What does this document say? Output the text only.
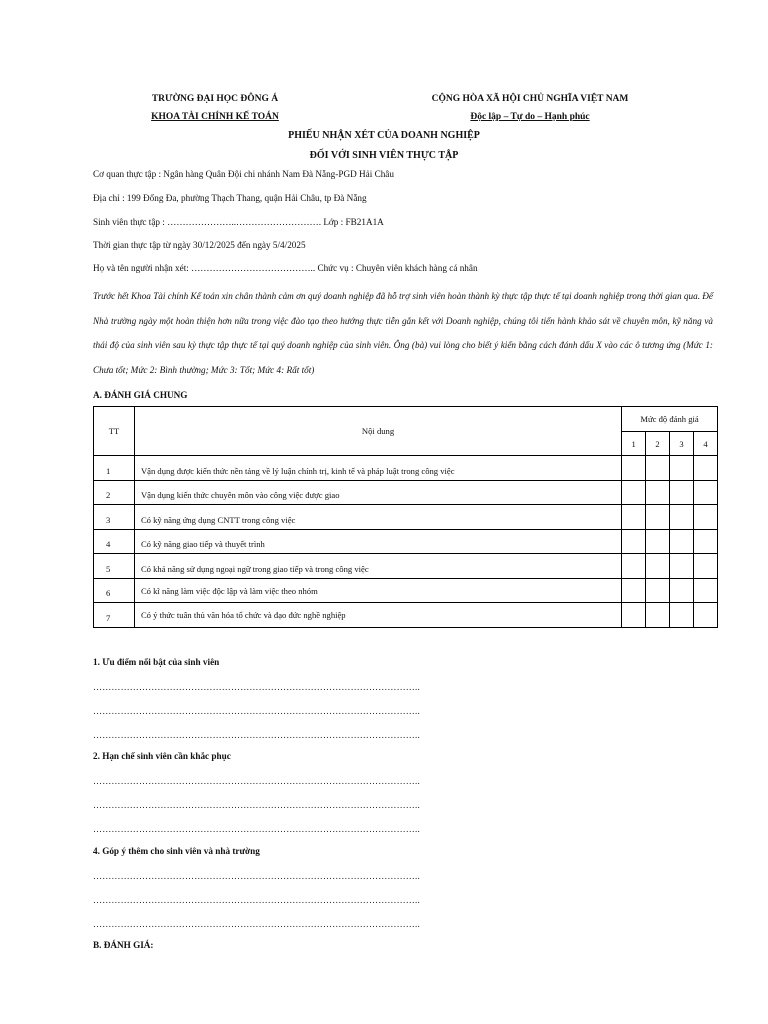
TRƯỜNG ĐẠI HỌC ĐÔNG Á
KHOA TÀI CHÍNH KẾ TOÁN
CỘNG HÒA XÃ HỘI CHỦ NGHĨA VIỆT NAM
Độc lập – Tự do – Hạnh phúc
PHIẾU NHẬN XÉT CỦA DOANH NGHIỆP
ĐỐI VỚI SINH VIÊN THỰC TẬP
Cơ quan thực tập : Ngân hàng Quân Đội chi nhánh Nam Đà Nẵng-PGD Hải Châu
Địa chỉ : 199 Đống Đa, phường Thạch Thang, quận Hải Châu, tp Đà Nẵng
Sinh viên thực tập : …………………..………………………. Lớp : FB21A1A
Thời gian thực tập từ ngày 30/12/2025 đến ngày 5/4/2025
Họ và tên người nhận xét: ………………………………….. Chức vụ : Chuyên viên khách hàng cá nhân
Trước hết Khoa Tài chính Kế toán xin chân thành cảm ơn quý doanh nghiệp đã hỗ trợ sinh viên hoàn thành kỳ thực tập thực tế tại doanh nghiệp trong thời gian qua. Để Nhà trường ngày một hoàn thiện hơn nữa trong việc đào tạo theo hướng thực tiễn gắn kết với Doanh nghiệp, chúng tôi tiến hành khảo sát về chuyên môn, kỹ năng và thái độ của sinh viên sau kỳ thực tập thực tế tại quý doanh nghiệp của sinh viên. Ông (bà) vui lòng cho biết ý kiến bằng cách đánh dấu X vào các ô tương ứng (Mức 1: Chưa tốt; Mức 2: Bình thường; Mức 3: Tốt; Mức 4: Rất tốt)
A. ĐÁNH GIÁ CHUNG
TT	Nội dung	Mức độ đánh giá			
		1	2	3	4
1	Vận dụng được kiến thức nền tảng về lý luận chính trị, kinh tế và pháp luật trong công việc				
2	Vận dụng kiến thức chuyên môn vào công việc được giao				
3	Có kỹ năng ứng dụng CNTT trong công việc				
4	Có kỹ năng giao tiếp và thuyết trình				
5	Có khả năng sử dụng ngoại ngữ trong giao tiếp và trong công việc				
6	Có kĩ năng làm việc độc lập và làm việc theo nhóm				
7	Có ý thức tuân thủ văn hóa tổ chức và đạo đức nghề nghiệp				
1. Ưu điểm nổi bật của sinh viên
……………………………………………………………………………………………..
……………………………………………………………………………………………..
……………………………………………………………………………………………..
2. Hạn chế sinh viên cần khắc phục
……………………………………………………………………………………………..
……………………………………………………………………………………………..
……………………………………………………………………………………………..
4. Góp ý thêm cho sinh viên và nhà trường
……………………………………………………………………………………………..
……………………………………………………………………………………………..
……………………………………………………………………………………………..
B. ĐÁNH GIÁ:
